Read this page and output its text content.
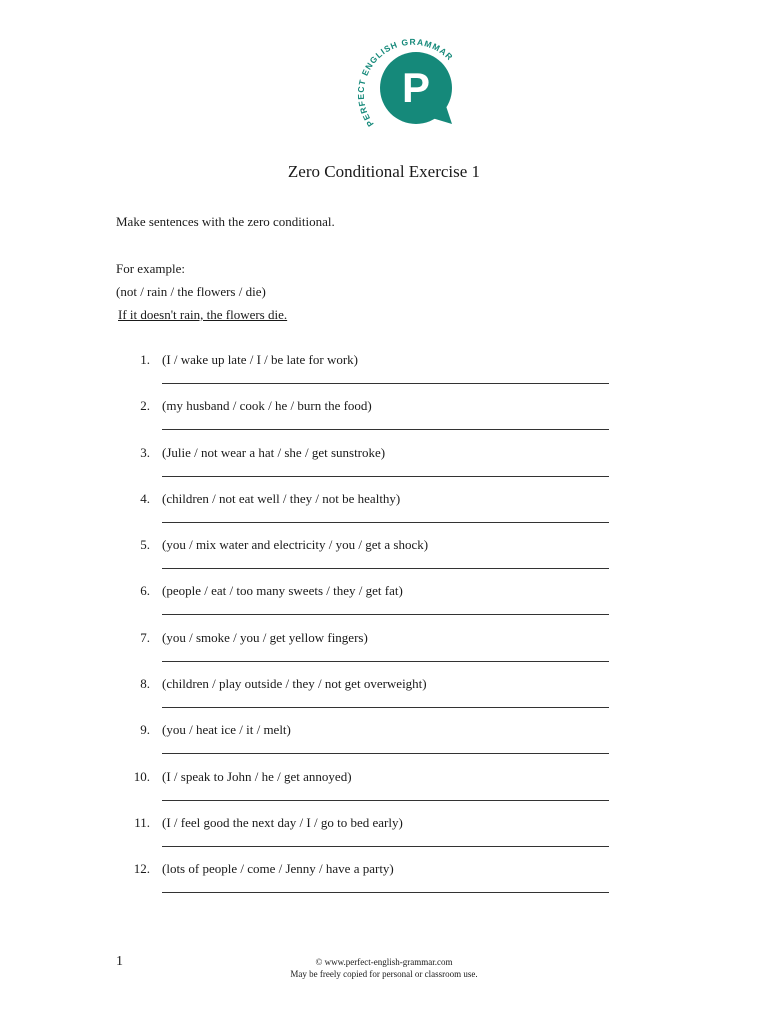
PERFECT ENGLISH GRAMMAR
P
Zero Conditional Exercise 1
Make sentences with the zero conditional.
For example:
(not / rain / the flowers / die)
If it doesn't rain, the flowers die.
1. (I / wake up late / I / be late for work)
2. (my husband / cook / he / burn the food)
3. (Julie / not wear a hat / she / get sunstroke)
4. (children / not eat well / they / not be healthy)
5. (you / mix water and electricity / you / get a shock)
6. (people / eat / too many sweets / they / get fat)
7. (you / smoke / you / get yellow fingers)
8. (children / play outside / they / not get overweight)
9. (you / heat ice / it / melt)
10. (I / speak to John / he / get annoyed)
11. (I / feel good the next day / I / go to bed early)
12. (lots of people / come / Jenny / have a party)
1	© www.perfect-english-grammar.com
May be freely copied for personal or classroom use.
